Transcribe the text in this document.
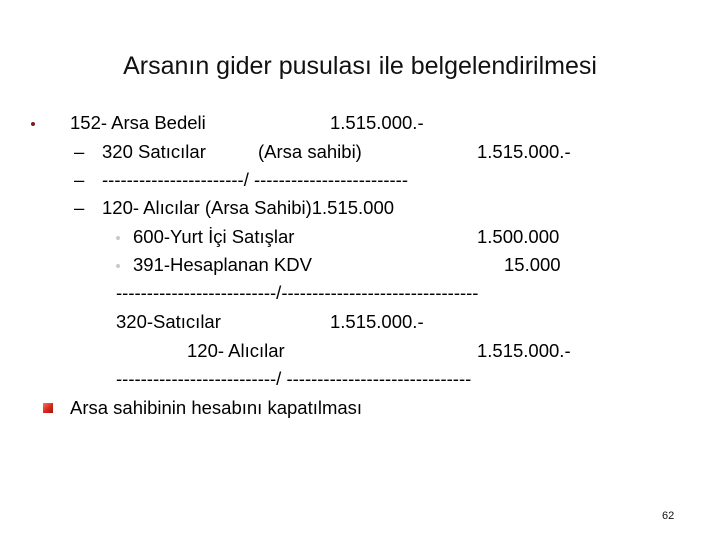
Arsanın gider pusulası ile belgelendirilmesi
152- Arsa Bedeli	1.515.000.-
– 320 Satıcılar	(Arsa sahibi)	1.515.000.-
– -----------------------/ -------------------------
– 120- Alıcılar (Arsa Sahibi)1.515.000
600-Yurt İçi Satışlar	1.500.000
391-Hesaplanan KDV	15.000
--------------------------/--------------------------------
320-Satıcılar	1.515.000.-
120- Alıcılar	1.515.000.-
--------------------------/ ------------------------------
Arsa sahibinin hesabını kapatılması
62
